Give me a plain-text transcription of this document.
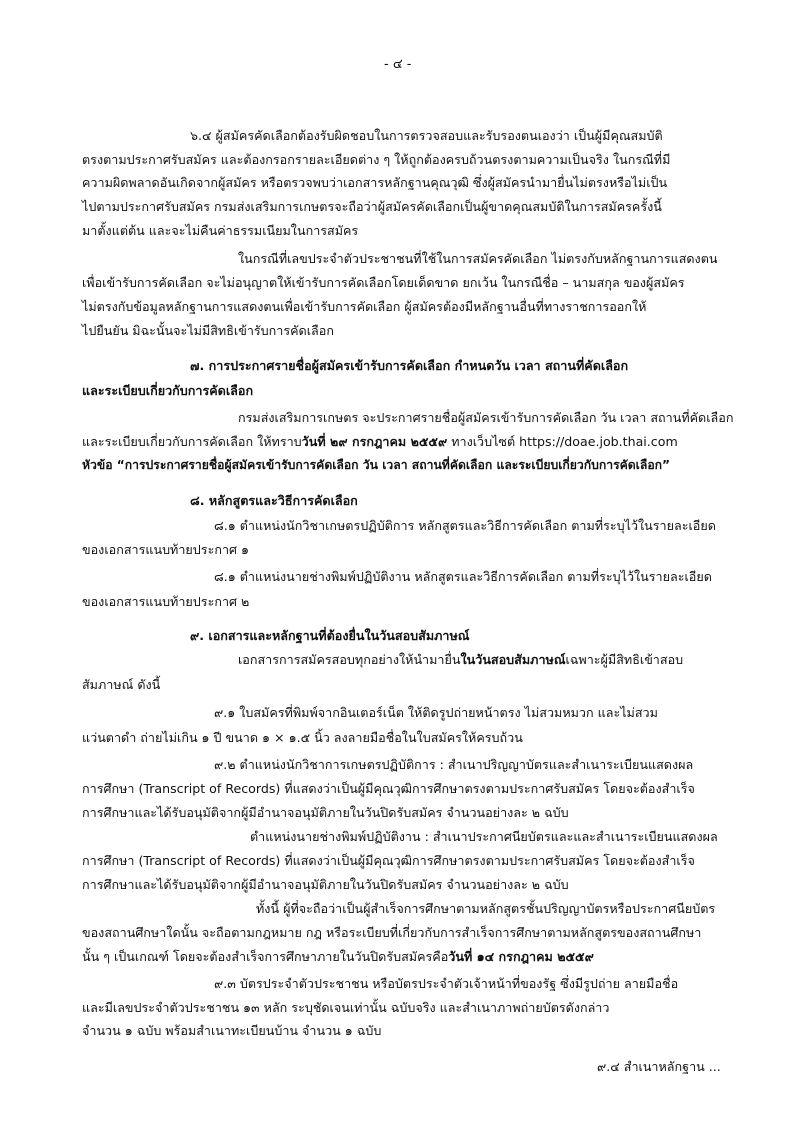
- ๔ -
๖.๔ ผู้สมัครคัดเลือกต้องรับผิดชอบในการตรวจสอบและรับรองตนเองว่า เป็นผู้มีคุณสมบัติ
ตรงตามประกาศรับสมัคร และต้องกรอกรายละเอียดต่าง ๆ ให้ถูกต้องครบถ้วนตรงตามความเป็นจริง ในกรณีที่มี
ความผิดพลาดอันเกิดจากผู้สมัคร หรือตรวจพบว่าเอกสารหลักฐานคุณวุฒิ ซึ่งผู้สมัครนำมายื่นไม่ตรงหรือไม่เป็น
ไปตามประกาศรับสมัคร กรมส่งเสริมการเกษตรจะถือว่าผู้สมัครคัดเลือกเป็นผู้ขาดคุณสมบัติในการสมัครครั้งนี้
มาตั้งแต่ต้น และจะไม่คืนค่าธรรมเนียมในการสมัคร
ในกรณีที่เลขประจำตัวประชาชนที่ใช้ในการสมัครคัดเลือก ไม่ตรงกับหลักฐานการแสดงตน
เพื่อเข้ารับการคัดเลือก จะไม่อนุญาตให้เข้ารับการคัดเลือกโดยเด็ดขาด ยกเว้น ในกรณีชื่อ – นามสกุล ของผู้สมัคร
ไม่ตรงกับข้อมูลหลักฐานการแสดงตนเพื่อเข้ารับการคัดเลือก ผู้สมัครต้องมีหลักฐานอื่นที่ทางราชการออกให้
ไปยืนยัน มิฉะนั้นจะไม่มีสิทธิเข้ารับการคัดเลือก
๗. การประกาศรายชื่อผู้สมัครเข้ารับการคัดเลือก กำหนดวัน เวลา สถานที่คัดเลือก
และระเบียบเกี่ยวกับการคัดเลือก
กรมส่งเสริมการเกษตร จะประกาศรายชื่อผู้สมัครเข้ารับการคัดเลือก วัน เวลา สถานที่คัดเลือก
และระเบียบเกี่ยวกับการคัดเลือก ให้ทราบวันที่ ๒๙ กรกฎาคม ๒๕๕๙ ทางเว็บไซต์ https://doae.job.thai.com
หัวข้อ “การประกาศรายชื่อผู้สมัครเข้ารับการคัดเลือก วัน เวลา สถานที่คัดเลือก และระเบียบเกี่ยวกับการคัดเลือก”
๘. หลักสูตรและวิธีการคัดเลือก
๘.๑ ตำแหน่งนักวิชาเกษตรปฏิบัติการ หลักสูตรและวิธีการคัดเลือก ตามที่ระบุไว้ในรายละเอียด
ของเอกสารแนบท้ายประกาศ ๑
๘.๑ ตำแหน่งนายช่างพิมพ์ปฏิบัติงาน หลักสูตรและวิธีการคัดเลือก ตามที่ระบุไว้ในรายละเอียด
ของเอกสารแนบท้ายประกาศ ๒
๙. เอกสารและหลักฐานที่ต้องยื่นในวันสอบสัมภาษณ์
เอกสารการสมัครสอบทุกอย่างให้นำมายื่นในวันสอบสัมภาษณ์เฉพาะผู้มีสิทธิเข้าสอบ
สัมภาษณ์ ดังนี้
๙.๑ ใบสมัครที่พิมพ์จากอินเตอร์เน็ต ให้ติดรูปถ่ายหน้าตรง ไม่สวมหมวก และไม่สวม
แว่นตาดำ ถ่ายไม่เกิน ๑ ปี ขนาด ๑ × ๑.๕ นิ้ว ลงลายมือชื่อในใบสมัครให้ครบถ้วน
๙.๒ ตำแหน่งนักวิชาการเกษตรปฏิบัติการ : สำเนาปริญญาบัตรและสำเนาระเบียนแสดงผล
การศึกษา (Transcript of Records) ที่แสดงว่าเป็นผู้มีคุณวุฒิการศึกษาตรงตามประกาศรับสมัคร โดยจะต้องสำเร็จ
การศึกษาและได้รับอนุมัติจากผู้มีอำนาจอนุมัติภายในวันปิดรับสมัคร จำนวนอย่างละ ๒ ฉบับ
ตำแหน่งนายช่างพิมพ์ปฏิบัติงาน : สำเนาประกาศนียบัตรและและสำเนาระเบียนแสดงผล
การศึกษา (Transcript of Records) ที่แสดงว่าเป็นผู้มีคุณวุฒิการศึกษาตรงตามประกาศรับสมัคร โดยจะต้องสำเร็จ
การศึกษาและได้รับอนุมัติจากผู้มีอำนาจอนุมัติภายในวันปิดรับสมัคร จำนวนอย่างละ ๒ ฉบับ
ทั้งนี้ ผู้ที่จะถือว่าเป็นผู้สำเร็จการศึกษาตามหลักสูตรชั้นปริญญาบัตรหรือประกาศนียบัตร
ของสถานศึกษาใดนั้น จะถือตามกฎหมาย กฎ หรือระเบียบที่เกี่ยวกับการสำเร็จการศึกษาตามหลักสูตรของสถานศึกษา
นั้น ๆ เป็นเกณฑ์ โดยจะต้องสำเร็จการศึกษาภายในวันปิดรับสมัครคือวันที่ ๑๔ กรกฎาคม ๒๕๕๙
๙.๓ บัตรประจำตัวประชาชน หรือบัตรประจำตัวเจ้าหน้าที่ของรัฐ ซึ่งมีรูปถ่าย ลายมือชื่อ
และมีเลขประจำตัวประชาชน ๑๓ หลัก ระบุชัดเจนเท่านั้น ฉบับจริง และสำเนาภาพถ่ายบัตรดังกล่าว
จำนวน ๑ ฉบับ พร้อมสำเนาทะเบียนบ้าน จำนวน ๑ ฉบับ
๙.๔ สำเนาหลักฐาน ...
